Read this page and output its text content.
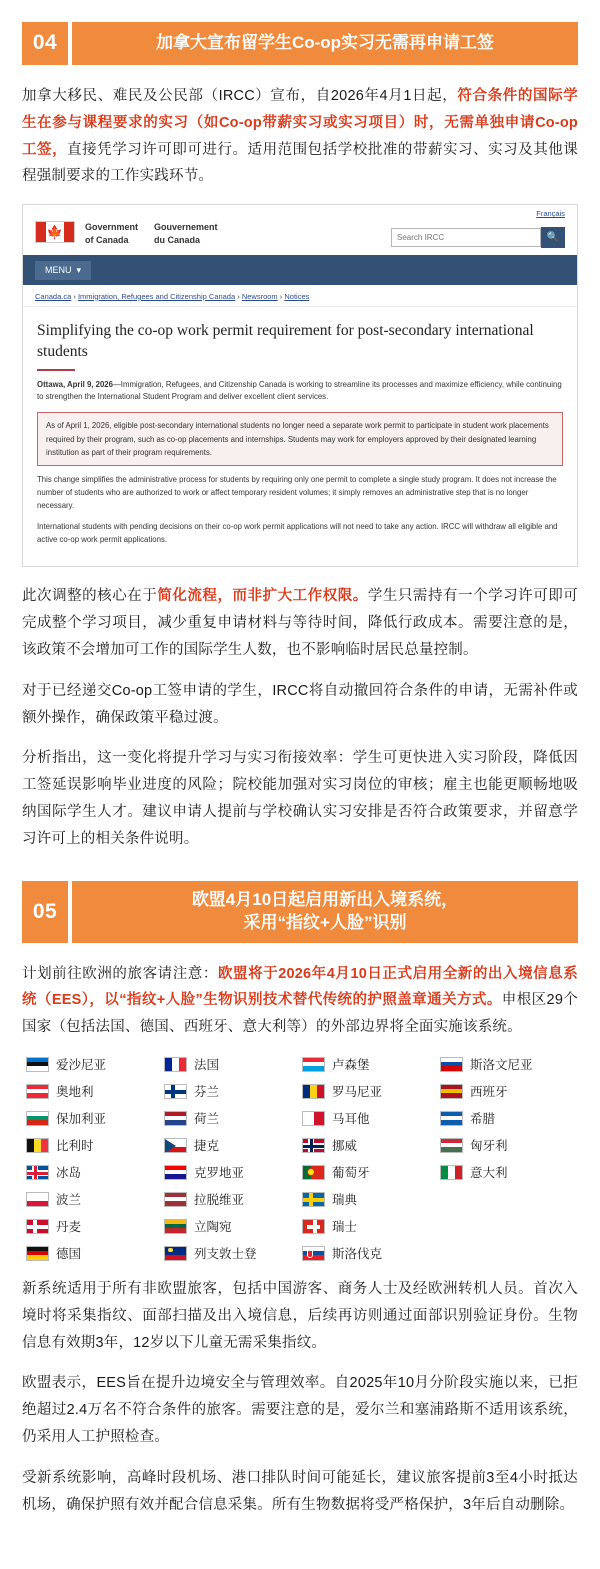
04	加拿大宣布留学生Co-op实习无需再申请工签

加拿大移民、难民及公民部（IRCC）宣布，自2026年4月1日起，符合条件的国际学生在参与课程要求的实习（如Co-op带薪实习或实习项目）时，无需单独申请Co-op工签，直接凭学习许可即可进行。适用范围包括学校批准的带薪实习、实习及其他课程强制要求的工作实践环节。

Français
🍁 Government
of Canada
Gouvernement
du Canada
Search IRCC	🔍
MENU ▾
Canada.ca › Immigration, Refugees and Citizenship Canada › Newsroom › Notices
Simplifying the co-op work permit requirement for post-secondary international students

Ottawa, April 9, 2026—Immigration, Refugees, and Citizenship Canada is working to streamline its processes and maximize efficiency, while continuing to strengthen the International Student Program and deliver excellent client services.

As of April 1, 2026, eligible post-secondary international students no longer need a separate work permit to participate in student work placements required by their program, such as co-op placements and internships. Students may work for employers approved by their designated learning institution as part of their program requirements.

This change simplifies the administrative process for students by requiring only one permit to complete a single study program. It does not increase the number of students who are authorized to work or affect temporary resident volumes; it simply removes an administrative step that is no longer necessary.

International students with pending decisions on their co-op work permit applications will not need to take any action. IRCC will withdraw all eligible and active co-op work permit applications.

此次调整的核心在于简化流程，而非扩大工作权限。学生只需持有一个学习许可即可完成整个学习项目，减少重复申请材料与等待时间，降低行政成本。需要注意的是，该政策不会增加可工作的国际学生人数，也不影响临时居民总量控制。

对于已经递交Co-op工签申请的学生，IRCC将自动撤回符合条件的申请，无需补件或额外操作，确保政策平稳过渡。

分析指出，这一变化将提升学习与实习衔接效率：学生可更快进入实习阶段，降低因工签延误影响毕业进度的风险；院校能加强对实习岗位的审核；雇主也能更顺畅地吸纳国际学生人才。建议申请人提前与学校确认实习安排是否符合政策要求，并留意学习许可上的相关条件说明。

05
欧盟4月10日起启用新出入境系统，
采用“指纹+人脸”识别

计划前往欧洲的旅客请注意：欧盟将于2026年4月10日正式启用全新的出入境信息系统（EES），以“指纹+人脸”生物识别技术替代传统的护照盖章通关方式。申根区29个国家（包括法国、德国、西班牙、意大利等）的外部边界将全面实施该系统。

爱沙尼亚	法国	卢森堡	斯洛文尼亚
奥地利	芬兰	罗马尼亚	西班牙
保加利亚	荷兰	马耳他	希腊
比利时	捷克	挪威	匈牙利
冰岛	克罗地亚	葡萄牙	意大利
波兰	拉脱维亚	瑞典
丹麦	立陶宛	瑞士
德国	列支敦士登	斯洛伐克

新系统适用于所有非欧盟旅客，包括中国游客、商务人士及经欧洲转机人员。首次入境时将采集指纹、面部扫描及出入境信息，后续再访则通过面部识别验证身份。生物信息有效期3年，12岁以下儿童无需采集指纹。

欧盟表示，EES旨在提升边境安全与管理效率。自2025年10月分阶段实施以来，已拒绝超过2.4万名不符合条件的旅客。需要注意的是，爱尔兰和塞浦路斯不适用该系统，仍采用人工护照检查。

受新系统影响，高峰时段机场、港口排队时间可能延长，建议旅客提前3至4小时抵达机场，确保护照有效并配合信息采集。所有生物数据将受严格保护，3年后自动删除。
